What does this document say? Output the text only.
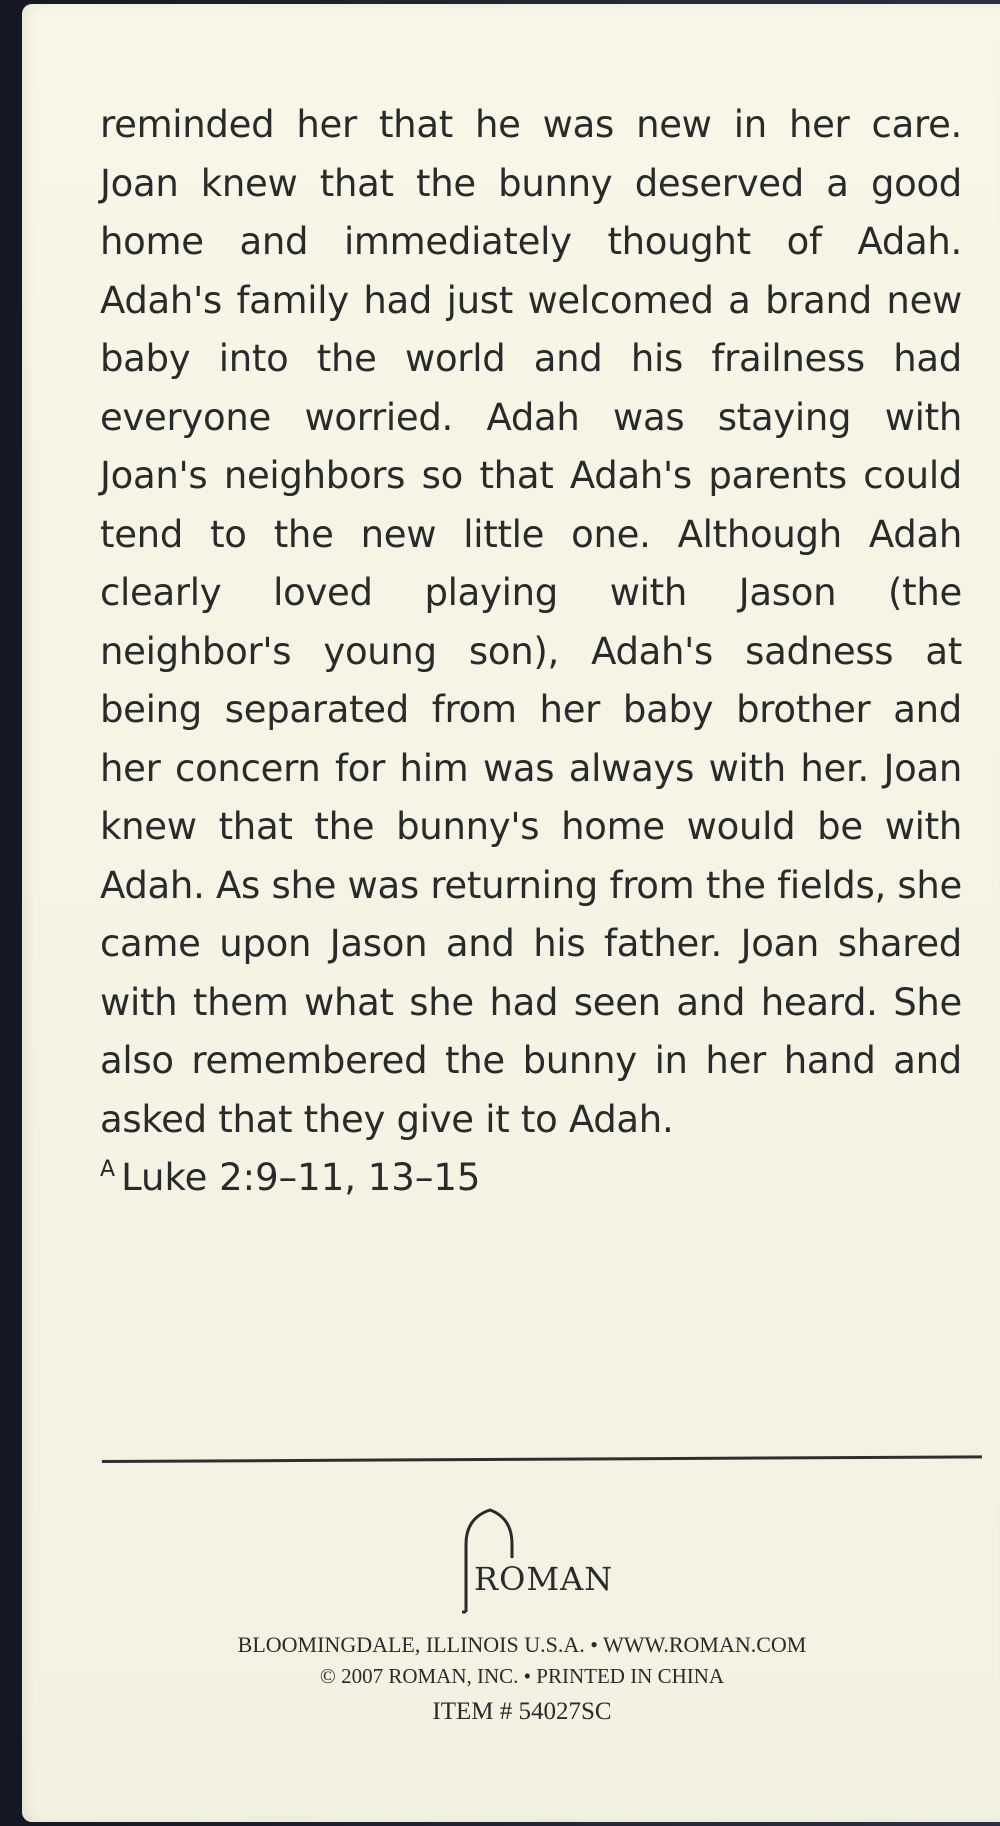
reminded her that he was new in her care. Joan knew that the bunny deserved a good home and immediately thought of Adah. Adah's family had just welcomed a brand new baby into the world and his frailness had everyone worried. Adah was staying with Joan's neighbors so that Adah's parents could tend to the new little one. Although Adah clearly loved playing with Jason (the neighbor's young son), Adah's sadness at being separated from her baby brother and her concern for him was always with her. Joan knew that the bunny's home would be with Adah. As she was returning from the fields, she came upon Jason and his father. Joan shared with them what she had seen and heard. She also remembered the bunny in her hand and asked that they give it to Adah.

A Luke 2:9–11, 13–15
ROMAN
BLOOMINGDALE, ILLINOIS U.S.A. • WWW.ROMAN.COM
© 2007 ROMAN, INC. • PRINTED IN CHINA
ITEM # 54027SC
